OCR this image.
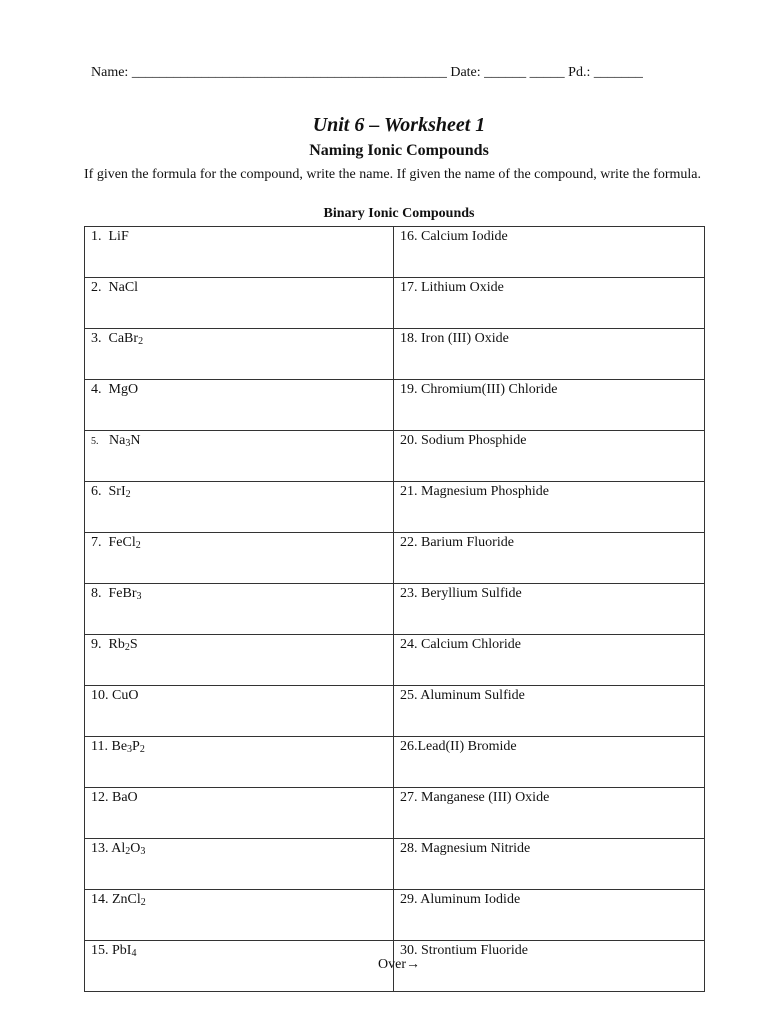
Name: _____________________________________________ Date: ______ _____ Pd.: _______
Unit 6 – Worksheet 1
Naming Ionic Compounds
If given the formula for the compound, write the name. If given the name of the compound, write the formula.
Binary Ionic Compounds
1.  LiF	16. Calcium Iodide
2.  NaCl	17. Lithium Oxide
3.  CaBr$_2$	18. Iron (III) Oxide
4.  MgO	19. Chromium(III) Chloride
5.   $Na_3N$	20. Sodium Phosphide
6.  SrI$_2$	21. Magnesium Phosphide
7.  FeCl$_2$	22. Barium Fluoride
8.  FeBr$_3$	23. Beryllium Sulfide
9.  $Rb_2S$	24. Calcium Chloride
10. CuO	25. Aluminum Sulfide
11. $Be_3P_2$	26.Lead(II) Bromide
12. BaO	27. Manganese (III) Oxide
13. $Al_2O_3$	28. Magnesium Nitride
14. ZnCl$_2$	29. Aluminum Iodide
15. PbI$_4$	30. Strontium Fluoride
Over→
